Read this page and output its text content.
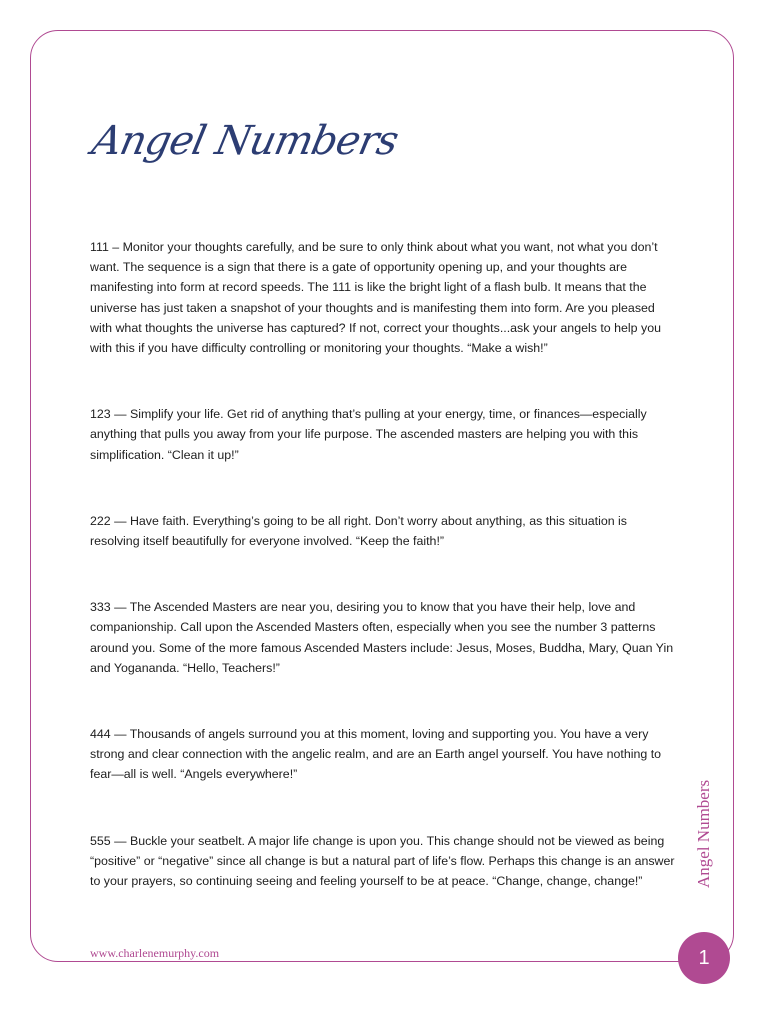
Angel Numbers

111 – Monitor your thoughts carefully, and be sure to only think about what you want, not what you don’t want. The sequence is a sign that there is a gate of opportunity opening up, and your thoughts are manifesting into form at record speeds. The 111 is like the bright light of a flash bulb. It means that the universe has just taken a snapshot of your thoughts and is manifesting them into form. Are you pleased with what thoughts the universe has captured? If not, correct your thoughts...ask your angels to help you with this if you have difficulty controlling or monitoring your thoughts. “Make a wish!”

123 — Simplify your life. Get rid of anything that’s pulling at your energy, time, or finances—especially anything that pulls you away from your life purpose. The ascended masters are helping you with this simplification. “Clean it up!”

222 — Have faith. Everything’s going to be all right. Don’t worry about anything, as this situation is resolving itself beautifully for everyone involved. “Keep the faith!”

333 — The Ascended Masters are near you, desiring you to know that you have their help, love and companionship. Call upon the Ascended Masters often, especially when you see the number 3 patterns around you. Some of the more famous Ascended Masters include: Jesus, Moses, Buddha, Mary, Quan Yin and Yogananda. “Hello, Teachers!”

444 — Thousands of angels surround you at this moment, loving and supporting you. You have a very strong and clear connection with the angelic realm, and are an Earth angel yourself. You have nothing to fear—all is well. “Angels everywhere!”

555 — Buckle your seatbelt. A major life change is upon you. This change should not be viewed as being “positive” or “negative” since all change is but a natural part of life’s flow. Perhaps this change is an answer to your prayers, so continuing seeing and feeling yourself to be at peace. “Change, change, change!”	Angel Numbers
www.charlenemurphy.com	1
